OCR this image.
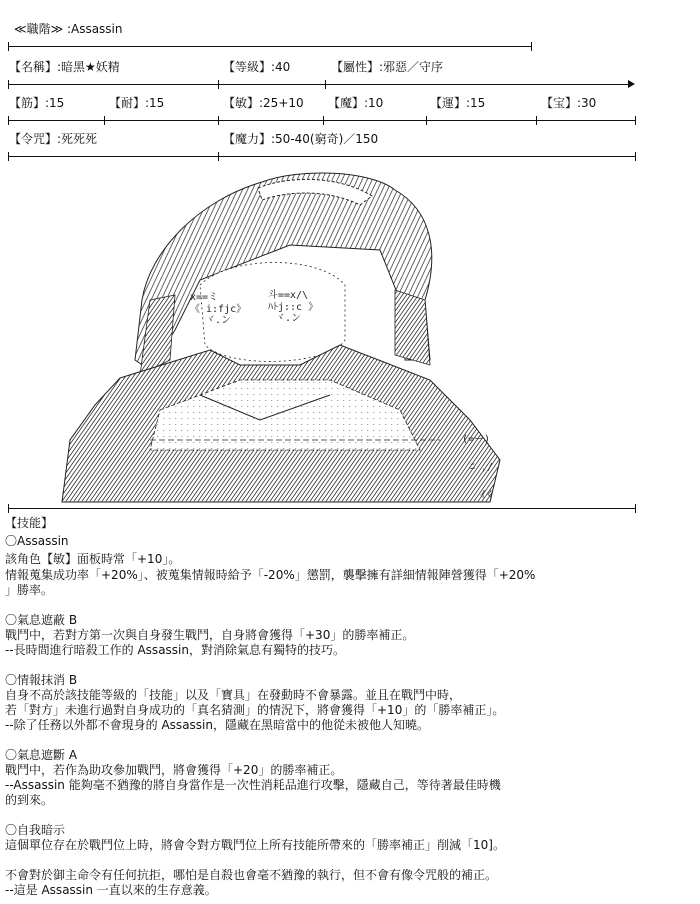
≪職階≫ :Assassin
【名稱】:暗黑★妖精	【等級】:40	【屬性】:邪惡／守序
【筋】:15	【耐】:15	【敏】:25+10 【魔】:10	【運】:15	【宝】:30
【令咒】:死死死	【魔力】:50-40(窮奇)／150
x==ミ
《 i:fjc》
斗==x/\
ﾊﾄj::c 》
ヾ.ン	ヾ.ン
(=ー)
ﾆ ,/
ｲく
【技能】
〇Assassin
該角色【敏】面板時常「+10」。
情報蒐集成功率「+20%」、被蒐集情報時給予「-20%」懲罰，襲擊擁有詳細情報陣營獲得「+20%
」勝率。
〇氣息遮蔽 B
戰鬥中，若對方第一次與自身發生戰鬥，自身將會獲得「+30」的勝率補正。
--長時間進行暗殺工作的 Assassin，對消除氣息有獨特的技巧。
〇情報抹消 B
自身不高於該技能等級的「技能」以及「寶具」在發動時不會暴露。並且在戰鬥中時，
若「對方」未進行過對自身成功的「真名猜測」的情況下，將會獲得「+10」的「勝率補正」。
--除了任務以外都不會現身的 Assassin，隱藏在黑暗當中的他從未被他人知曉。
〇氣息遮斷 A
戰鬥中，若作為助攻參加戰鬥，將會獲得「+20」的勝率補正。
--Assassin 能夠毫不猶豫的將自身當作是一次性消耗品進行攻擊，隱藏自己，等待著最佳時機
的到來。
〇自我暗示
這個單位存在於戰鬥位上時，將會令對方戰鬥位上所有技能所帶來的「勝率補正」削減「10]。
不會對於御主命令有任何抗拒，哪怕是自殺也會毫不猶豫的執行，但不會有像令咒般的補正。
--這是 Assassin 一直以來的生存意義。
